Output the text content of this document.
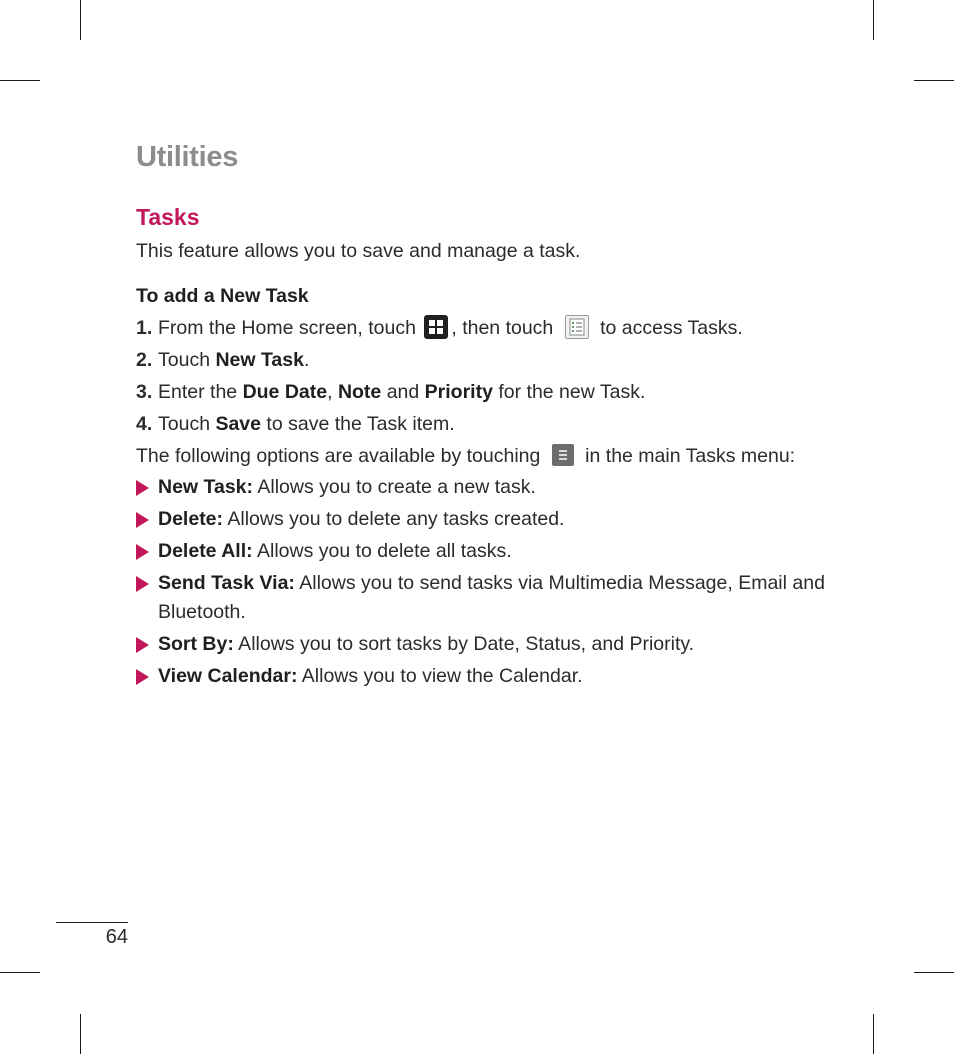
Utilities
Tasks

This feature allows you to save and manage a task.

To add a New Task
1. From the Home screen, touch , then touch  to access Tasks.
2. Touch New Task.
3. Enter the Due Date, Note and Priority for the new Task.
4. Touch Save to save the Task item.

The following options are available by touching  in the main Tasks menu:

New Task: Allows you to create a new task.
Delete: Allows you to delete any tasks created.
Delete All: Allows you to delete all tasks.
Send Task Via: Allows you to send tasks via Multimedia Message, Email and Bluetooth.
Sort By: Allows you to sort tasks by Date, Status, and Priority.
View Calendar: Allows you to view the Calendar.
64
